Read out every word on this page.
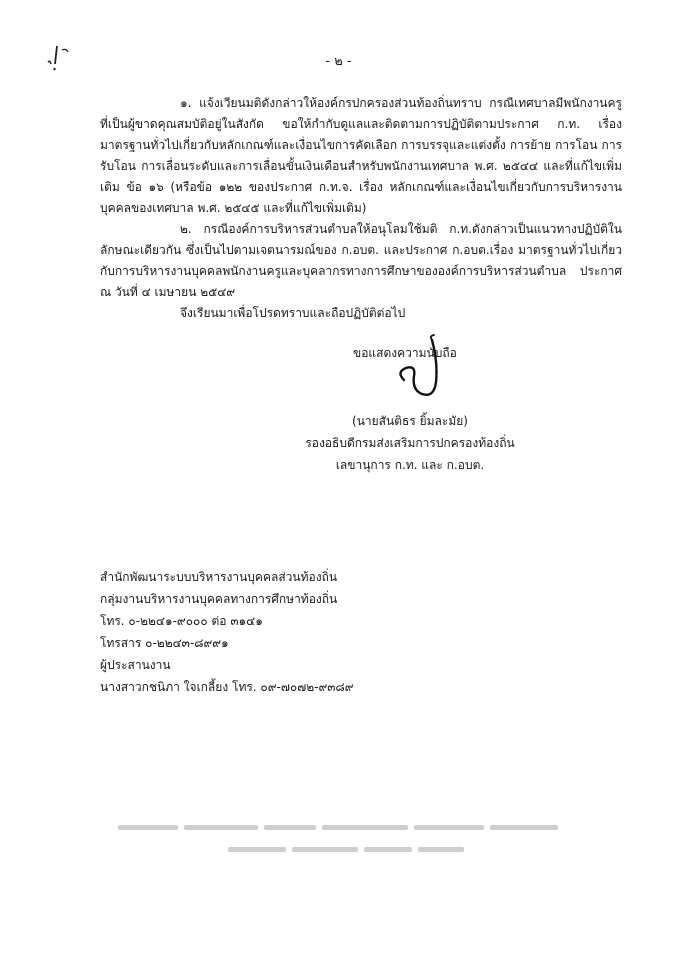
- ๒ -
๑. แจ้งเวียนมติดังกล่าวให้องค์กรปกครองส่วนท้องถิ่นทราบ กรณีเทศบาลมีพนักงานครูที่เป็นผู้ขาดคุณสมบัติอยู่ในสังกัด ขอให้กำกับดูแลและติดตามการปฏิบัติตามประกาศ ก.ท. เรื่อง มาตรฐานทั่วไปเกี่ยวกับหลักเกณฑ์และเงื่อนไขการคัดเลือก การบรรจุและแต่งตั้ง การย้าย การโอน การรับโอน การเลื่อนระดับและการเลื่อนขั้นเงินเดือนสำหรับพนักงานเทศบาล พ.ศ. ๒๕๔๔ และที่แก้ไขเพิ่มเติม ข้อ ๑๖ (หรือข้อ ๑๒๒ ของประกาศ ก.ท.จ. เรื่อง หลักเกณฑ์และเงื่อนไขเกี่ยวกับการบริหารงานบุคคลของเทศบาล พ.ศ. ๒๕๔๕ และที่แก้ไขเพิ่มเติม)
๒. กรณีองค์การบริหารส่วนตำบลให้อนุโลมใช้มติ ก.ท.ดังกล่าวเป็นแนวทางปฏิบัติในลักษณะเดียวกัน ซึ่งเป็นไปตามเจตนารมณ์ของ ก.อบต. และประกาศ ก.อบต.เรื่อง มาตรฐานทั่วไปเกี่ยวกับการบริหารงานบุคคลพนักงานครูและบุคลากรทางการศึกษาขององค์การบริหารส่วนตำบล ประกาศ ณ วันที่ ๔ เมษายน ๒๕๔๙
จึงเรียนมาเพื่อโปรดทราบและถือปฏิบัติต่อไป
ขอแสดงความนับถือ
(นายสันติธร ยิ้มละมัย)
รองอธิบดีกรมส่งเสริมการปกครองท้องถิ่น
เลขานุการ ก.ท. และ ก.อบต.
สำนักพัฒนาระบบบริหารงานบุคคลส่วนท้องถิ่น
กลุ่มงานบริหารงานบุคคลทางการศึกษาท้องถิ่น
โทร. ๐-๒๒๔๑-๙๐๐๐ ต่อ ๓๑๔๑
โทรสาร ๐-๒๒๔๓-๘๙๙๑
ผู้ประสานงาน
นางสาวกชนิภา ใจเกลี้ยง โทร. ๐๙-๗๐๗๒-๙๓๘๙
